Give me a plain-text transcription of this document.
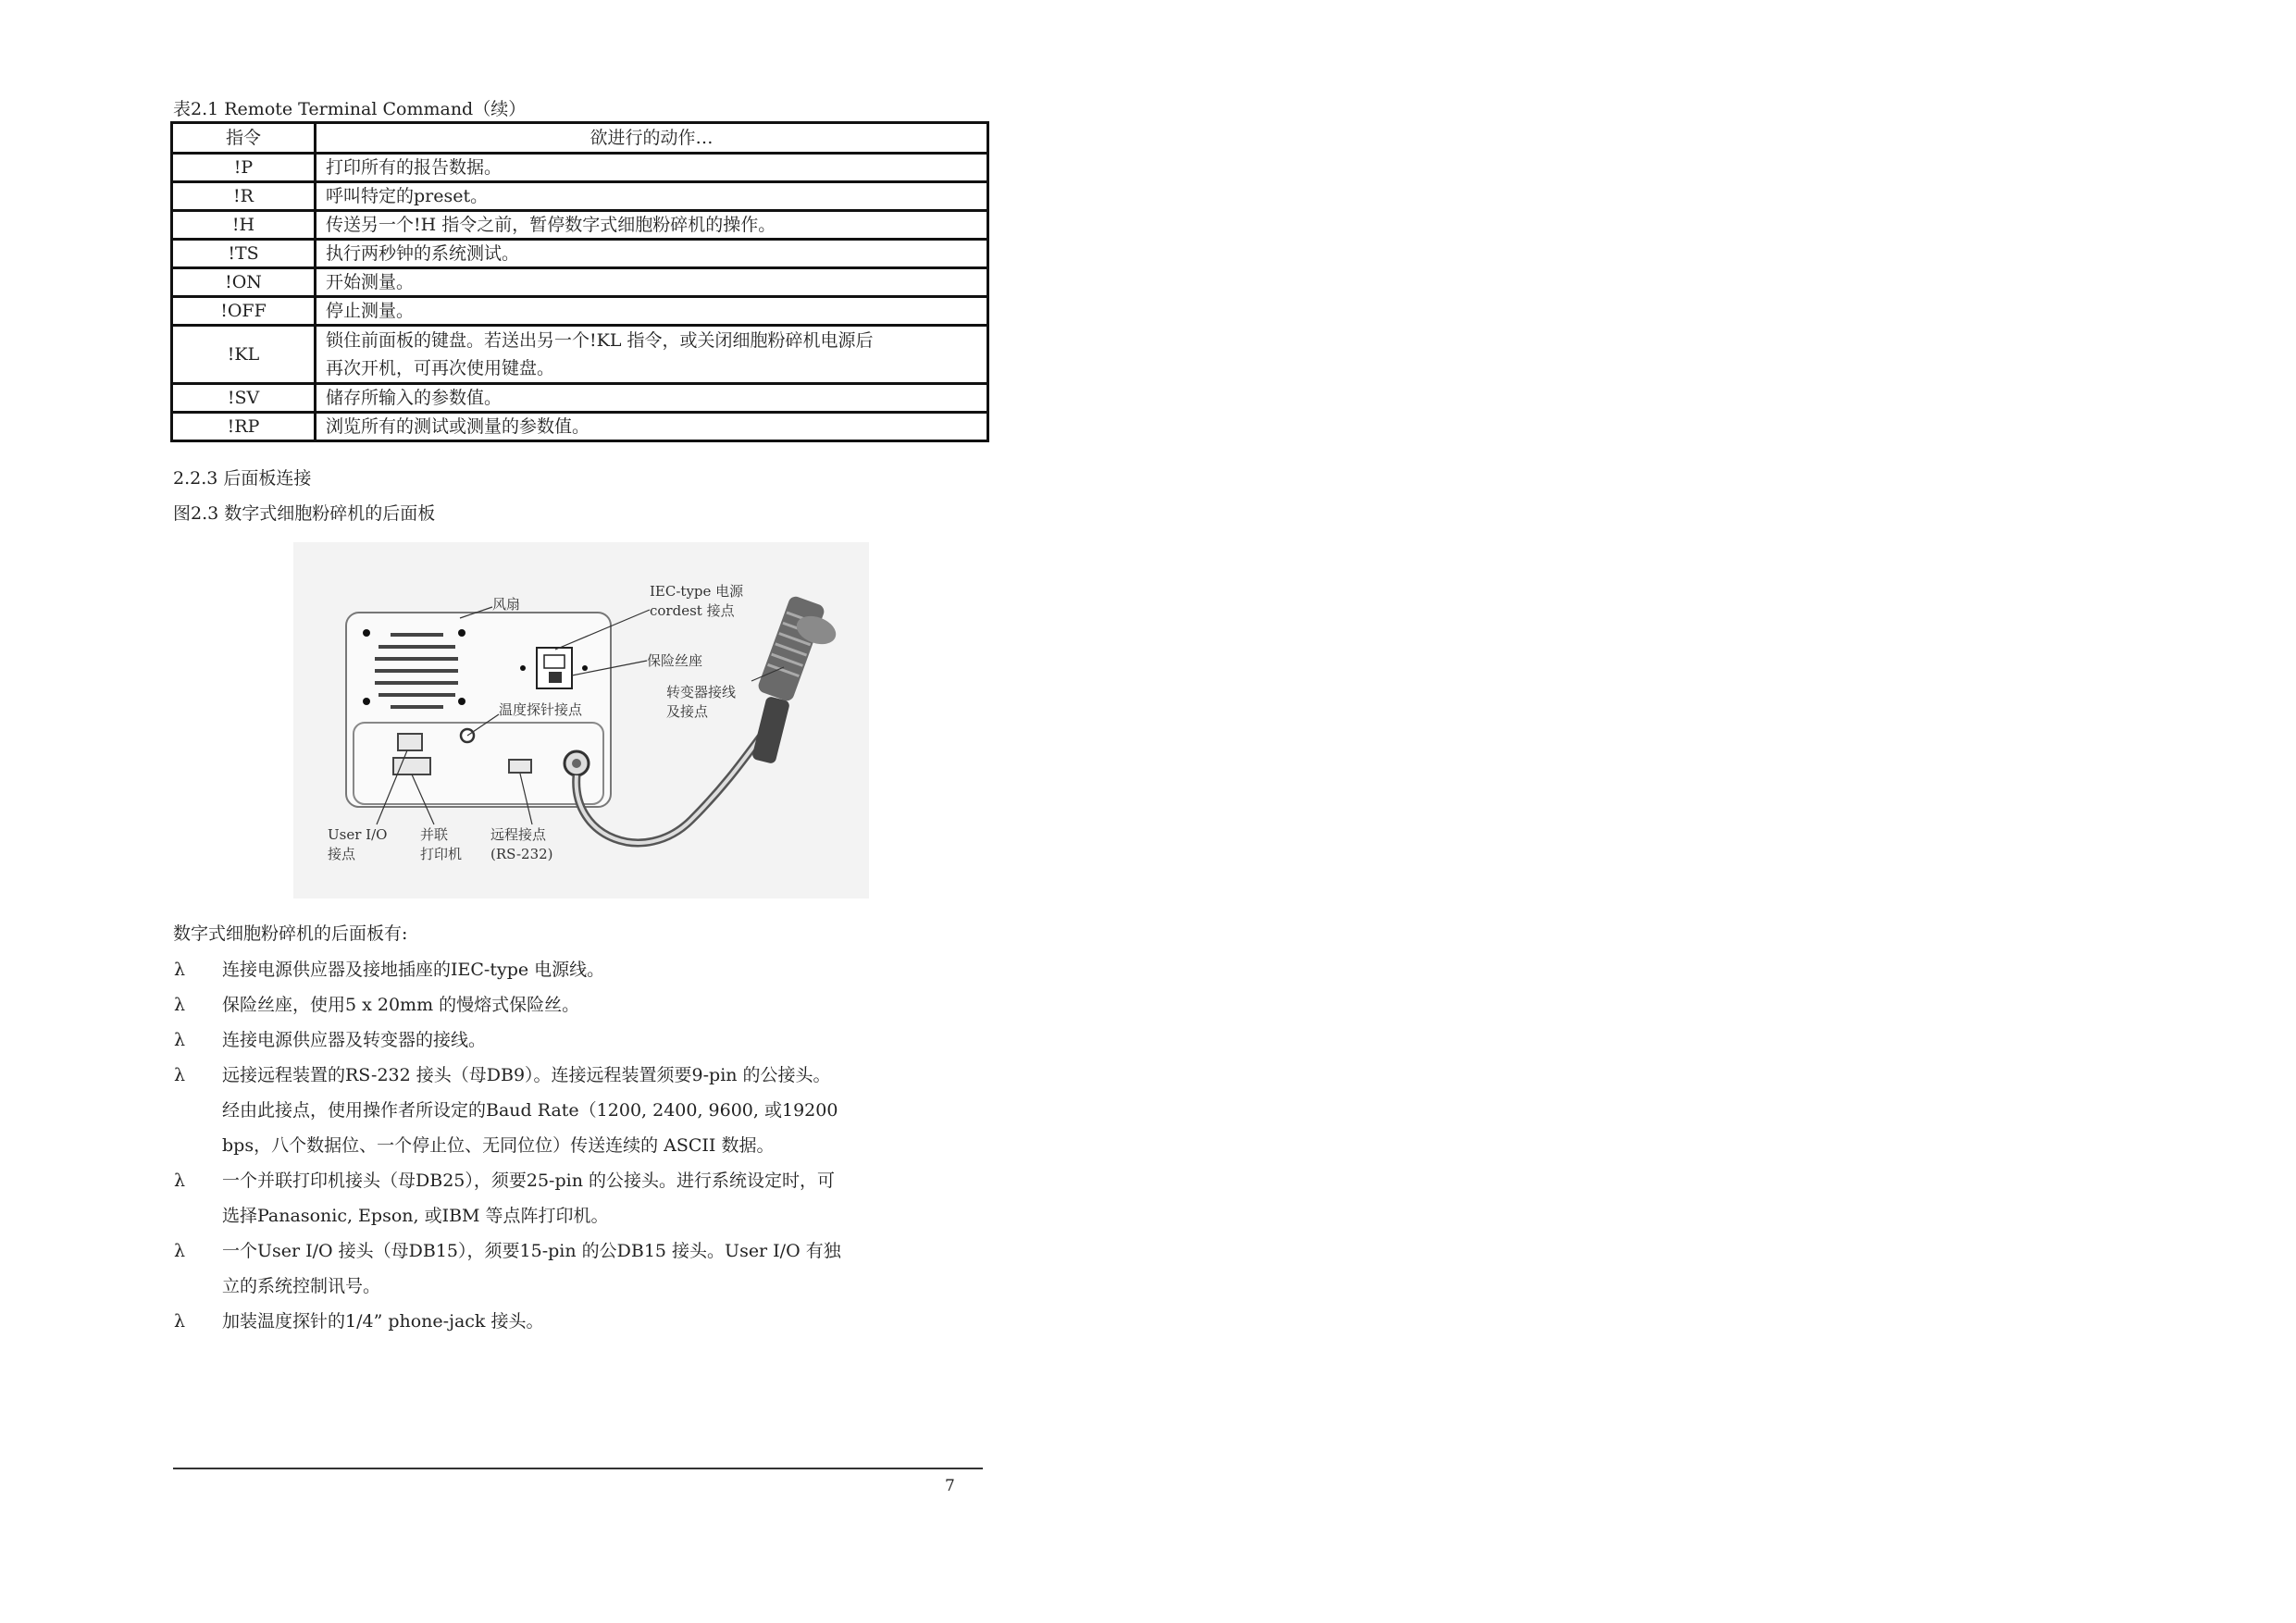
表2.1 Remote Terminal Command（续）
指令	欲进行的动作…
!P	打印所有的报告数据。
!R	呼叫特定的preset。
!H	传送另一个!H 指令之前，暂停数字式细胞粉碎机的操作。
!TS	执行两秒钟的系统测试。
!ON	开始测量。
!OFF	停止测量。
!KL	锁住前面板的键盘。若送出另一个!KL 指令，或关闭细胞粉碎机电源后
再次开机，可再次使用键盘。

!SV	储存所输入的参数值。
!RP	浏览所有的测试或测量的参数值。
2.2.3 后面板连接
图2.3 数字式细胞粉碎机的后面板
风扇
IEC-type 电源
cordest 接点
保险丝座
转变器接线
及接点
温度探针接点
User I/O
接点
并联
打印机
远程接点
(RS-232)
数字式细胞粉碎机的后面板有:
λ 连接电源供应器及接地插座的IEC-type 电源线。
λ 保险丝座，使用5 x 20mm 的慢熔式保险丝。
λ 连接电源供应器及转变器的接线。
λ 远接远程装置的RS-232 接头（母DB9）。连接远程装置须要9-pin 的公接头。
经由此接点，使用操作者所设定的Baud Rate（1200, 2400, 9600, 或19200
bps，八个数据位、一个停止位、无同位位）传送连续的 ASCII 数据。
λ 一个并联打印机接头（母DB25），须要25-pin 的公接头。进行系统设定时，可
选择Panasonic, Epson, 或IBM 等点阵打印机。
λ 一个User I/O 接头（母DB15），须要15-pin 的公DB15 接头。User I/O 有独
立的系统控制讯号。
λ 加装温度探针的1/4” phone-jack 接头。
7
